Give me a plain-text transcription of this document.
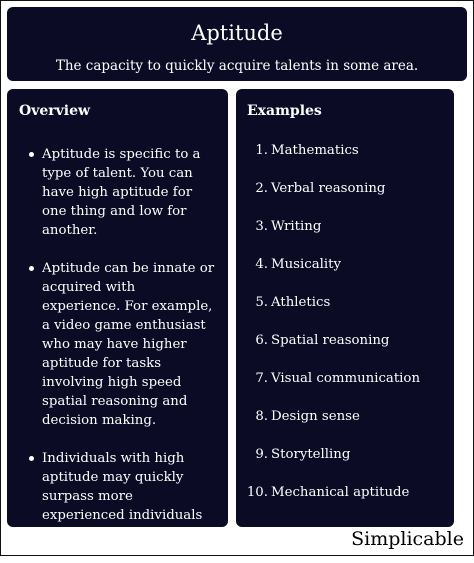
Aptitude
The capacity to quickly acquire talents in some area.
Overview
Aptitude is specific to a type of talent. You can have high aptitude for one thing and low for another.
Aptitude can be innate or acquired with experience. For example, a video game enthusiast who may have higher aptitude for tasks involving high speed spatial reasoning and decision making.
Individuals with high aptitude may quickly surpass more experienced individuals with less aptitude.
Examples
1. Mathematics
2. Verbal reasoning
3. Writing
4. Musicality
5. Athletics
6. Spatial reasoning
7. Visual communication
8. Design sense
9. Storytelling
10. Mechanical aptitude
Simplicable
